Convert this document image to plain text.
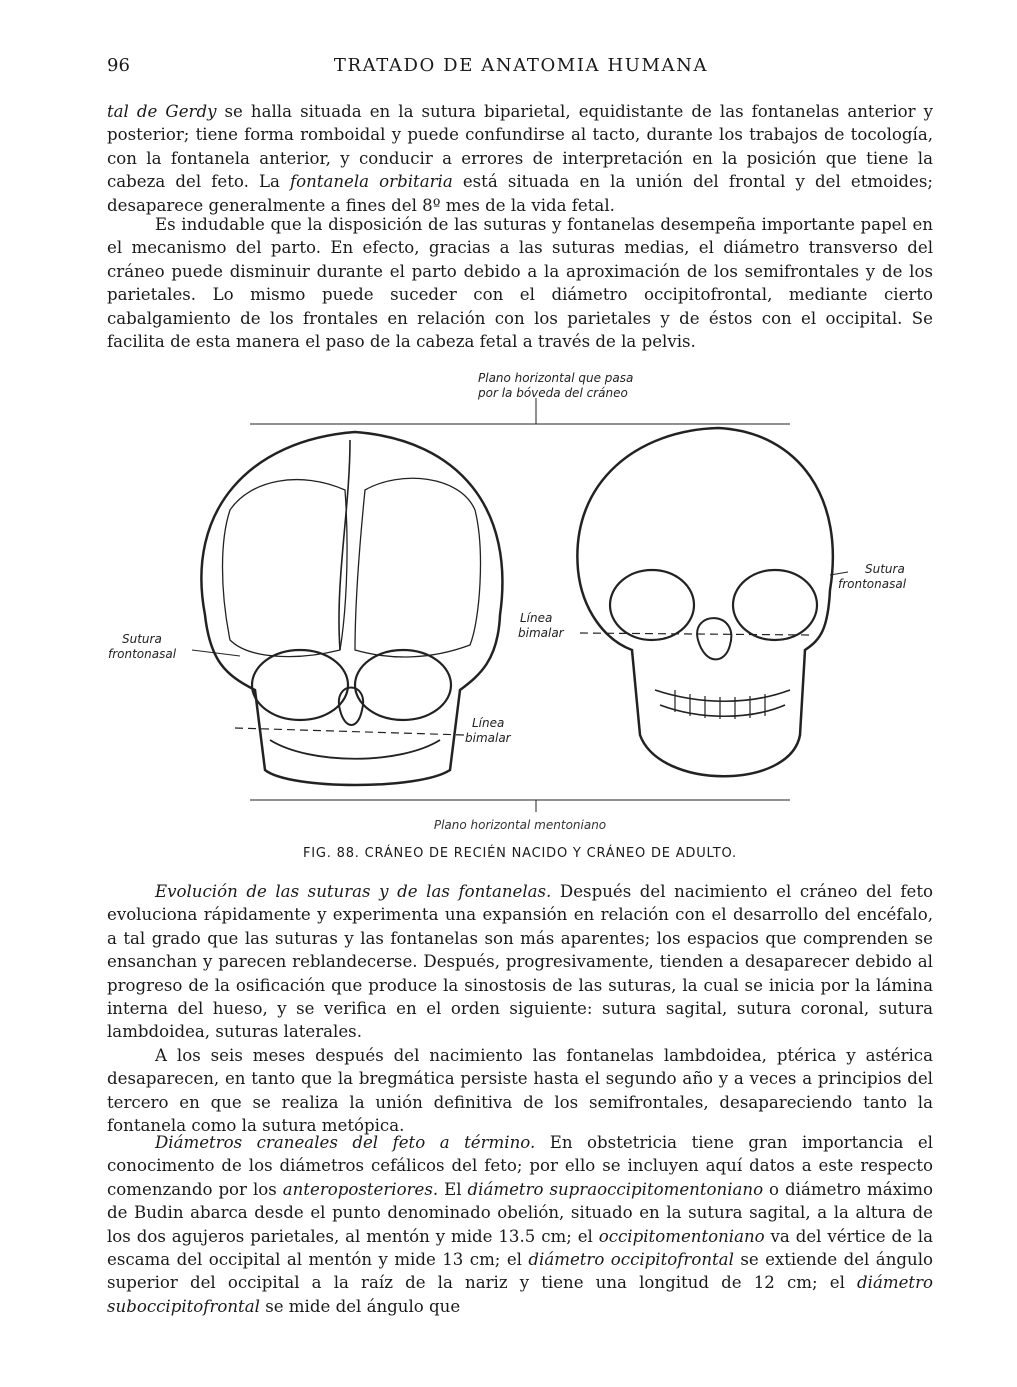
96	TRATADO DE ANATOMIA HUMANA

tal de Gerdy se halla situada en la sutura biparietal, equidistante de las fontanelas anterior y posterior; tiene forma romboidal y puede confundirse al tacto, durante los trabajos de tocología, con la fontanela anterior, y conducir a errores de interpretación en la posición que tiene la cabeza del feto. La fontanela orbitaria está situada en la unión del frontal y del etmoides; desaparece generalmente a fines del 8º mes de la vida fetal.

Es indudable que la disposición de las suturas y fontanelas desempeña importante papel en el mecanismo del parto. En efecto, gracias a las suturas medias, el diámetro transverso del cráneo puede disminuir durante el parto debido a la aproximación de los semifrontales y de los parietales. Lo mismo puede suceder con el diámetro occipitofrontal, mediante cierto cabalgamiento de los frontales en relación con los parietales y de éstos con el occipital. Se facilita de esta manera el paso de la cabeza fetal a través de la pelvis.

Plano horizontal que pasa
por la bóveda del cráneo
Sutura
frontonasal
Línea
bimalar
Línea
bimalar
Sutura
frontonasal
Plano horizontal mentoniano
FIG. 88. CRÁNEO DE RECIÉN NACIDO Y CRÁNEO DE ADULTO.

Evolución de las suturas y de las fontanelas. Después del nacimiento el cráneo del feto evoluciona rápidamente y experimenta una expansión en relación con el desarrollo del encéfalo, a tal grado que las suturas y las fontanelas son más aparentes; los espacios que comprenden se ensanchan y parecen reblandecerse. Después, progresivamente, tienden a desaparecer debido al progreso de la osificación que produce la sinostosis de las suturas, la cual se inicia por la lámina interna del hueso, y se verifica en el orden siguiente: sutura sagital, sutura coronal, sutura lambdoidea, suturas laterales.

A los seis meses después del nacimiento las fontanelas lambdoidea, ptérica y astérica desaparecen, en tanto que la bregmática persiste hasta el segundo año y a veces a principios del tercero en que se realiza la unión definitiva de los semifrontales, desapareciendo tanto la fontanela como la sutura metópica.

Diámetros craneales del feto a término. En obstetricia tiene gran importancia el conocimento de los diámetros cefálicos del feto; por ello se incluyen aquí datos a este respecto comenzando por los anteroposteriores. El diámetro supraoccipitomentoniano o diámetro máximo de Budin abarca desde el punto denominado obelión, situado en la sutura sagital, a la altura de los dos agujeros parietales, al mentón y mide 13.5 cm; el occipitomentoniano va del vértice de la escama del occipital al mentón y mide 13 cm; el diámetro occipitofrontal se extiende del ángulo superior del occipital a la raíz de la nariz y tiene una longitud de 12 cm; el diámetro suboccipitofrontal se mide del ángulo que
